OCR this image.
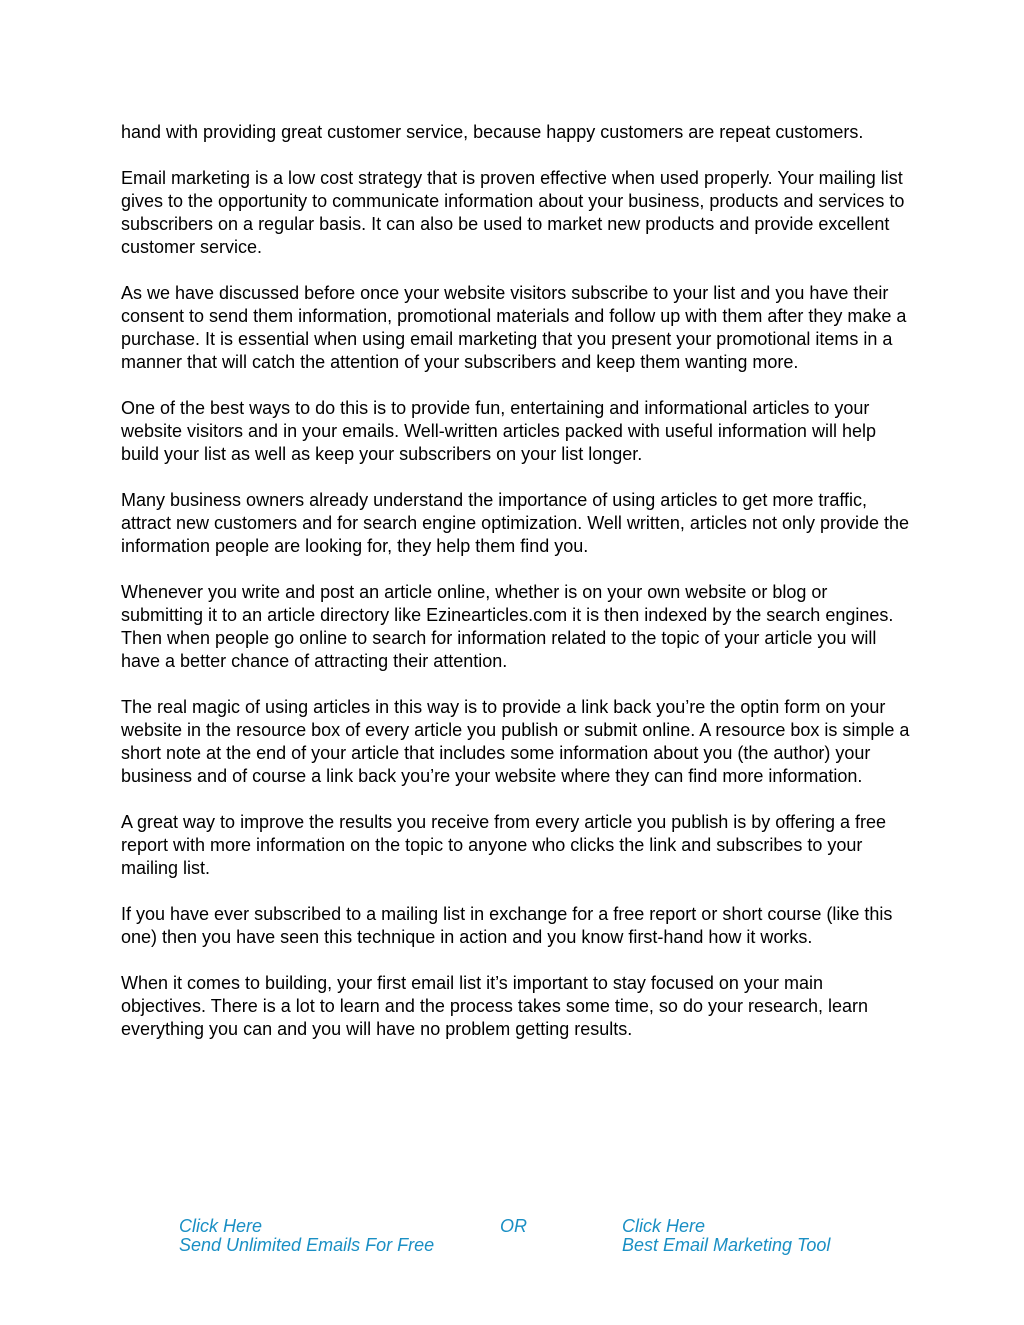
hand with providing great customer service, because happy customers are repeat customers.

Email marketing is a low cost strategy that is proven effective when used properly. Your mailing list gives to the opportunity to communicate information about your business, products and services to subscribers on a regular basis. It can also be used to market new products and provide excellent customer service.

As we have discussed before once your website visitors subscribe to your list and you have their consent to send them information, promotional materials and follow up with them after they make a purchase. It is essential when using email marketing that you present your promotional items in a manner that will catch the attention of your subscribers and keep them wanting more.

One of the best ways to do this is to provide fun, entertaining and informational articles to your website visitors and in your emails. Well-written articles packed with useful information will help build your list as well as keep your subscribers on your list longer.

Many business owners already understand the importance of using articles to get more traffic, attract new customers and for search engine optimization. Well written, articles not only provide the information people are looking for, they help them find you.

Whenever you write and post an article online, whether is on your own website or blog or submitting it to an article directory like Ezinearticles.com it is then indexed by the search engines. Then when people go online to search for information related to the topic of your article you will have a better chance of attracting their attention.

The real magic of using articles in this way is to provide a link back you’re the optin form on your website in the resource box of every article you publish or submit online. A resource box is simple a short note at the end of your article that includes some information about you (the author) your business and of course a link back you’re your website where they can find more information.

A great way to improve the results you receive from every article you publish is by offering a free report with more information on the topic to anyone who clicks the link and subscribes to your mailing list.

If you have ever subscribed to a mailing list in exchange for a free report or short course (like this one) then you have seen this technique in action and you know first-hand how it works.

When it comes to building, your first email list it’s important to stay focused on your main objectives. There is a lot to learn and the process takes some time, so do your research, learn everything you can and you will have no problem getting results.

Click Here
Send Unlimited Emails For Free
OR	Click Here
Best Email Marketing Tool
